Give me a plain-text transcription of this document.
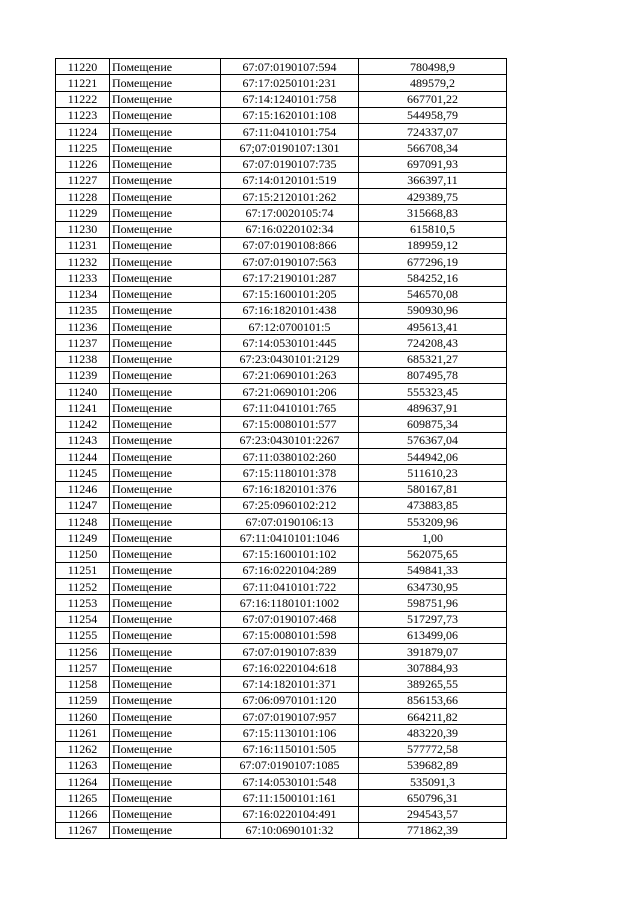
11220	Помещение	67:07:0190107:594	780498,9
11221	Помещение	67:17:0250101:231	489579,2
11222	Помещение	67:14:1240101:758	667701,22
11223	Помещение	67:15:1620101:108	544958,79
11224	Помещение	67:11:0410101:754	724337,07
11225	Помещение	67;07:0190107:1301	566708,34
11226	Помещение	67:07:0190107:735	697091,93
11227	Помещение	67:14:0120101:519	366397,11
11228	Помещение	67:15:2120101:262	429389,75
11229	Помещение	67:17:0020105:74	315668,83
11230	Помещение	67:16:0220102:34	615810,5
11231	Помещение	67:07:0190108:866	189959,12
11232	Помещение	67:07:0190107:563	677296,19
11233	Помещение	67:17:2190101:287	584252,16
11234	Помещение	67:15:1600101:205	546570,08
11235	Помещение	67:16:1820101:438	590930,96
11236	Помещение	67:12:0700101:5	495613,41
11237	Помещение	67:14:0530101:445	724208,43
11238	Помещение	67:23:0430101:2129	685321,27
11239	Помещение	67:21:0690101:263	807495,78
11240	Помещение	67:21:0690101:206	555323,45
11241	Помещение	67:11:0410101:765	489637,91
11242	Помещение	67:15:0080101:577	609875,34
11243	Помещение	67:23:0430101:2267	576367,04
11244	Помещение	67:11:0380102:260	544942,06
11245	Помещение	67:15:1180101:378	511610,23
11246	Помещение	67:16:1820101:376	580167,81
11247	Помещение	67:25:0960102:212	473883,85
11248	Помещение	67:07:0190106:13	553209,96
11249	Помещение	67:11:0410101:1046	1,00
11250	Помещение	67:15:1600101:102	562075,65
11251	Помещение	67:16:0220104:289	549841,33
11252	Помещение	67:11:0410101:722	634730,95
11253	Помещение	67:16:1180101:1002	598751,96
11254	Помещение	67:07:0190107:468	517297,73
11255	Помещение	67:15:0080101:598	613499,06
11256	Помещение	67:07:0190107:839	391879,07
11257	Помещение	67:16:0220104:618	307884,93
11258	Помещение	67:14:1820101:371	389265,55
11259	Помещение	67:06:0970101:120	856153,66
11260	Помещение	67:07:0190107:957	664211,82
11261	Помещение	67:15:1130101:106	483220,39
11262	Помещение	67:16:1150101:505	577772,58
11263	Помещение	67:07:0190107:1085	539682,89
11264	Помещение	67:14:0530101:548	535091,3
11265	Помещение	67:11:1500101:161	650796,31
11266	Помещение	67:16:0220104:491	294543,57
11267	Помещение	67:10:0690101:32	771862,39
